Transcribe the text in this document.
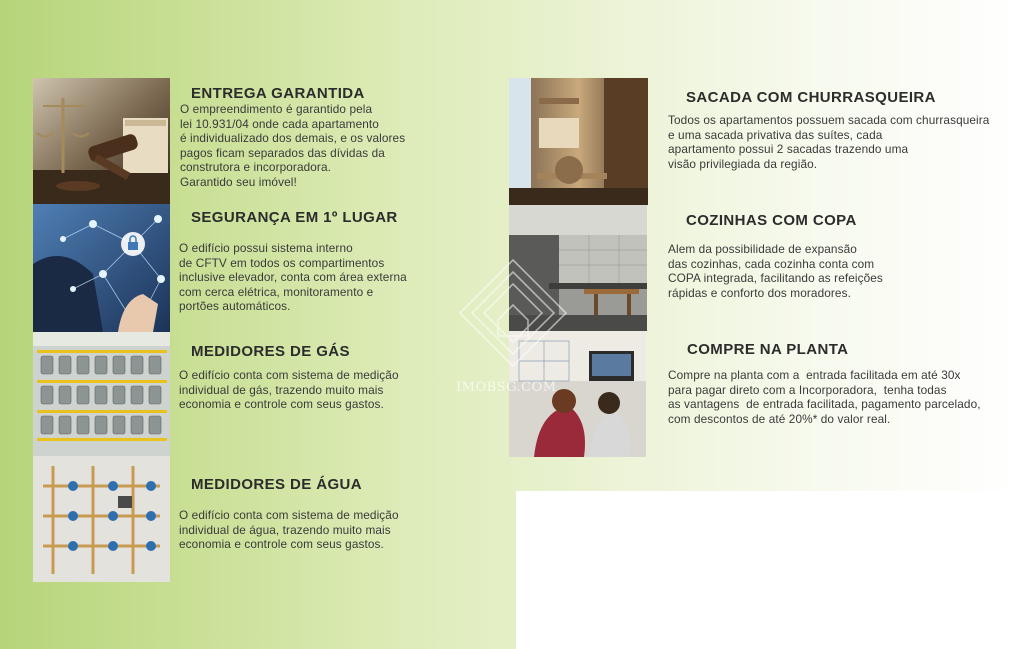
ENTREGA GARANTIDA

O empreendimento é garantido pela
lei 10.931/04 onde cada apartamento
é individualizado dos demais, e os valores
pagos ficam separados das dívidas da
construtora e incorporadora.
Garantido seu imóvel!

SEGURANÇA EM 1º LUGAR

O edifício possui sistema interno
de CFTV em todos os compartimentos
inclusive elevador, conta com área externa
com cerca elétrica, monitoramento e
portões automáticos.

MEDIDORES DE GÁS

O edifício conta com sistema de medição
individual de gás, trazendo muito mais
economia e controle com seus gastos.

MEDIDORES DE ÁGUA

O edifício conta com sistema de medição
individual de água, trazendo muito mais
economia e controle com seus gastos.

SACADA COM CHURRASQUEIRA

Todos os apartamentos possuem sacada com churrasqueira
e uma sacada privativa das suítes, cada
apartamento possui 2 sacadas trazendo uma
visão privilegiada da região.

COZINHAS COM COPA

Alem da possibilidade de expansão
das cozinhas, cada cozinha conta com
COPA integrada, facilitando as refeições
rápidas e conforto dos moradores.

COMPRE NA PLANTA

Compre na planta com a  entrada facilitada em até 30x
para pagar direto com a Incorporadora,  tenha todas
as vantagens  de entrada facilitada, pagamento parcelado,
com descontos de até 20%* do valor real.

IMOBSG.COM
